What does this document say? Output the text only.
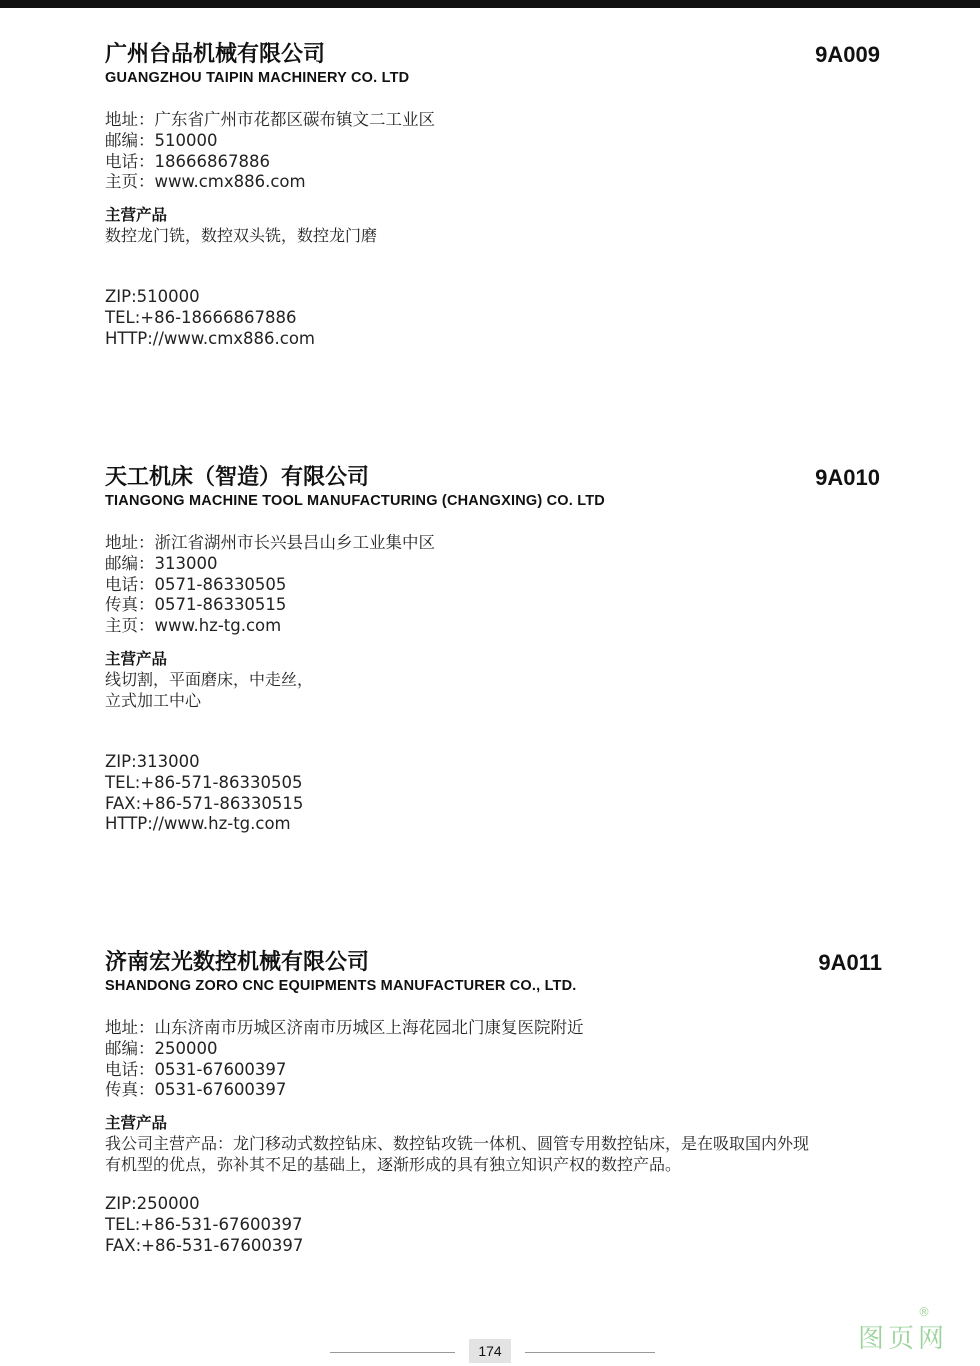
广州台品机械有限公司	9A009
GUANGZHOU TAIPIN MACHINERY CO. LTD
地址：广东省广州市花都区碳布镇文二工业区
邮编：510000
电话：18666867886
主页：www.cmx886.com
主营产品
数控龙门铣，数控双头铣，数控龙门磨
ZIP:510000
TEL:+86-18666867886
HTTP://www.cmx886.com
天工机床（智造）有限公司	9A010
TIANGONG MACHINE TOOL MANUFACTURING (CHANGXING) CO. LTD
地址：浙江省湖州市长兴县吕山乡工业集中区
邮编：313000
电话：0571-86330505
传真：0571-86330515
主页：www.hz-tg.com
主营产品
线切割，平面磨床，中走丝，
立式加工中心
ZIP:313000
TEL:+86-571-86330505
FAX:+86-571-86330515
HTTP://www.hz-tg.com
济南宏光数控机械有限公司	9A011
SHANDONG ZORO CNC EQUIPMENTS MANUFACTURER CO., LTD.
地址：山东济南市历城区济南市历城区上海花园北门康复医院附近
邮编：250000
电话：0531-67600397
传真：0531-67600397
主营产品
我公司主营产品：龙门移动式数控钻床、数控钻攻铣一体机、圆管专用数控钻床，是在吸取国内外现
有机型的优点，弥补其不足的基础上，逐渐形成的具有独立知识产权的数控产品。
ZIP:250000
TEL:+86-531-67600397
FAX:+86-531-67600397
174	图页网
®
